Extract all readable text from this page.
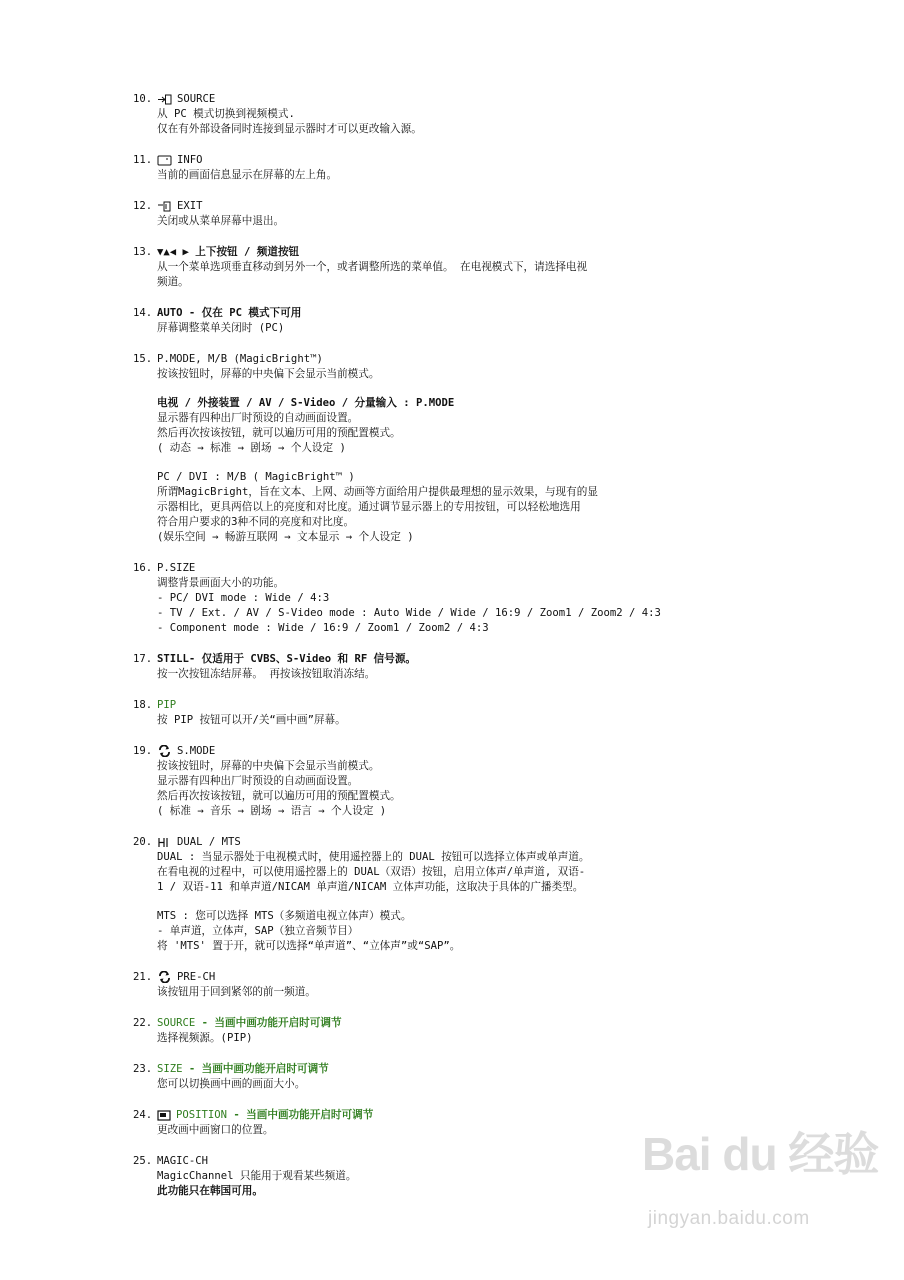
10.	SOURCE
从 PC 模式切换到视频模式.
仅在有外部设备同时连接到显示器时才可以更改输入源。
11.	INFO
当前的画面信息显示在屏幕的左上角。
12.	EXIT
关闭或从菜单屏幕中退出。
13. ▼▲◀ ▶ 上下按钮 / 频道按钮
从一个菜单选项垂直移动到另外一个，或者调整所选的菜单值。 在电视模式下，请选择电视
频道。
14. AUTO - 仅在 PC 模式下可用
屏幕调整菜单关闭时 (PC)
15. P.MODE, M/B (MagicBright™)
按该按钮时，屏幕的中央偏下会显示当前模式。
电视 / 外接装置 / AV / S-Video / 分量输入 : P.MODE
显示器有四种出厂时预设的自动画面设置。
然后再次按该按钮，就可以遍历可用的预配置模式。
( 动态 → 标准 → 剧场 → 个人设定 )
PC / DVI : M/B ( MagicBright™ )
所谓MagicBright，旨在文本、上网、动画等方面给用户提供最理想的显示效果，与现有的显
示器相比，更具两倍以上的亮度和对比度。通过调节显示器上的专用按钮，可以轻松地选用
符合用户要求的3种不同的亮度和对比度。
(娱乐空间 → 畅游互联网 → 文本显示 → 个人设定 )
16. P.SIZE
调整背景画面大小的功能。
- PC/ DVI mode : Wide / 4:3
- TV / Ext. / AV / S-Video mode : Auto Wide / Wide / 16:9 / Zoom1 / Zoom2 / 4:3
- Component mode : Wide / 16:9 / Zoom1 / Zoom2 / 4:3
17. STILL- 仅适用于 CVBS、S-Video 和 RF 信号源。
按一次按钮冻结屏幕。 再按该按钮取消冻结。
18. PIP
按 PIP 按钮可以开/关“画中画”屏幕。
19.	S.MODE
按该按钮时，屏幕的中央偏下会显示当前模式。
显示器有四种出厂时预设的自动画面设置。
然后再次按该按钮，就可以遍历可用的预配置模式。
( 标准 → 音乐 → 剧场 → 语言 → 个人设定 )
20.	DUAL / MTS
DUAL : 当显示器处于电视模式时，使用遥控器上的 DUAL 按钮可以选择立体声或单声道。
在看电视的过程中，可以使用遥控器上的 DUAL（双语）按钮，启用立体声/单声道, 双语-
1 / 双语-11 和单声道/NICAM 单声道/NICAM 立体声功能，这取决于具体的广播类型。
MTS : 您可以选择 MTS（多频道电视立体声）模式。
- 单声道，立体声，SAP（独立音频节目）
将 'MTS' 置于开，就可以选择“单声道”、“立体声”或“SAP”。
21.	PRE-CH
该按钮用于回到紧邻的前一频道。
22. SOURCE - 当画中画功能开启时可调节
选择视频源。(PIP)
23. SIZE - 当画中画功能开启时可调节
您可以切换画中画的画面大小。
24.	POSITION - 当画中画功能开启时可调节
更改画中画窗口的位置。
25. MAGIC-CH
MagicChannel 只能用于观看某些频道。
此功能只在韩国可用。
Bai du 经验
jingyan.baidu.com
